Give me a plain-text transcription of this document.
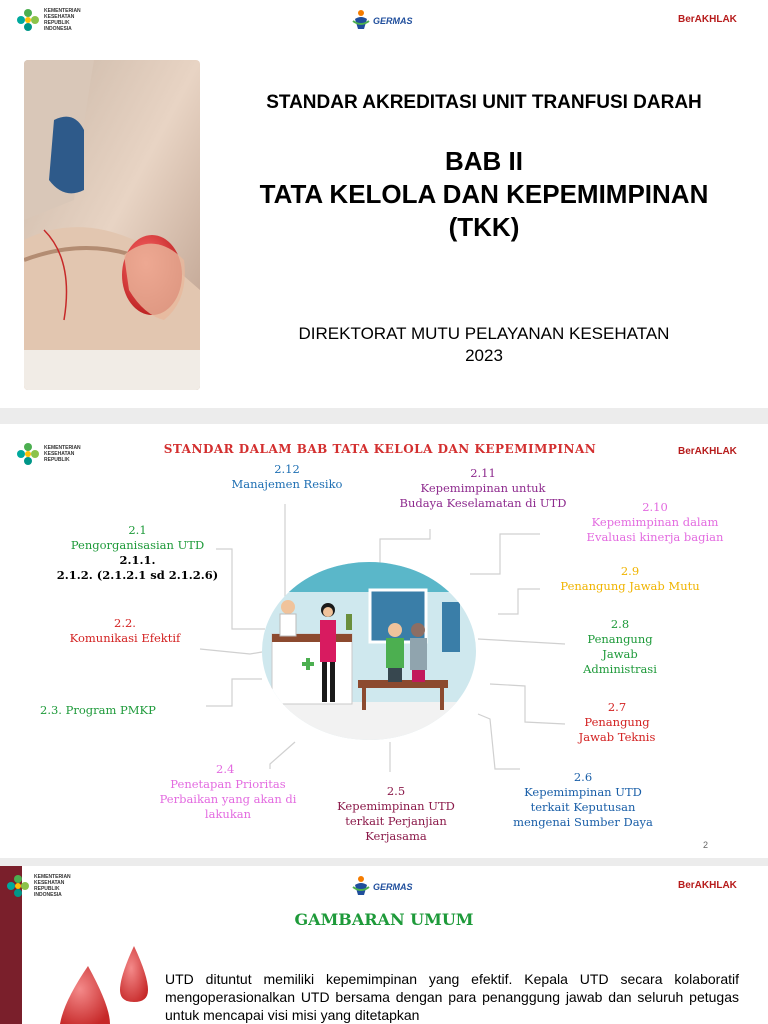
KEMENTERIAN
KESEHATAN
REPUBLIK
INDONESIA
GERMAS	BerAKHLAK
STANDAR AKREDITASI UNIT TRANFUSI DARAH
BAB II
TATA KELOLA DAN KEPEMIMPINAN
(TKK)
DIREKTORAT MUTU PELAYANAN KESEHATAN
2023
KEMENTERIAN
KESEHATAN
REPUBLIK
BerAKHLAK
STANDAR DALAM BAB TATA KELOLA DAN KEPEMIMPINAN
2.12
Manajemen Resiko
2.11
Kepemimpinan untuk
Budaya Keselamatan di UTD	2.10
Kepemimpinan dalam
Evaluasi kinerja bagian
2.9
Penangung Jawab Mutu
2.8
Penangung
Jawab
Administrasi
2.7
Penangung
Jawab Teknis
2.6
Kepemimpinan UTD
terkait Keputusan
mengenai Sumber Daya
2.5
Kepemimpinan UTD
terkait Perjanjian
Kerjasama
2.4
Penetapan Prioritas
Perbaikan yang akan di
lakukan
2.3. Program PMKP
2.2.
Komunikasi Efektif
2.1
Pengorganisasian UTD
2.1.1.
2.1.2. (2.1.2.1 sd 2.1.2.6)
2
KEMENTERIAN
KESEHATAN
REPUBLIK
INDONESIA
GERMAS	BerAKHLAK
GAMBARAN UMUM
UTD dituntut memiliki kepemimpinan yang efektif. Kepala UTD secara kolaboratif mengoperasionalkan UTD bersama dengan para penanggung jawab dan seluruh petugas untuk mencapai visi misi yang ditetapkan
